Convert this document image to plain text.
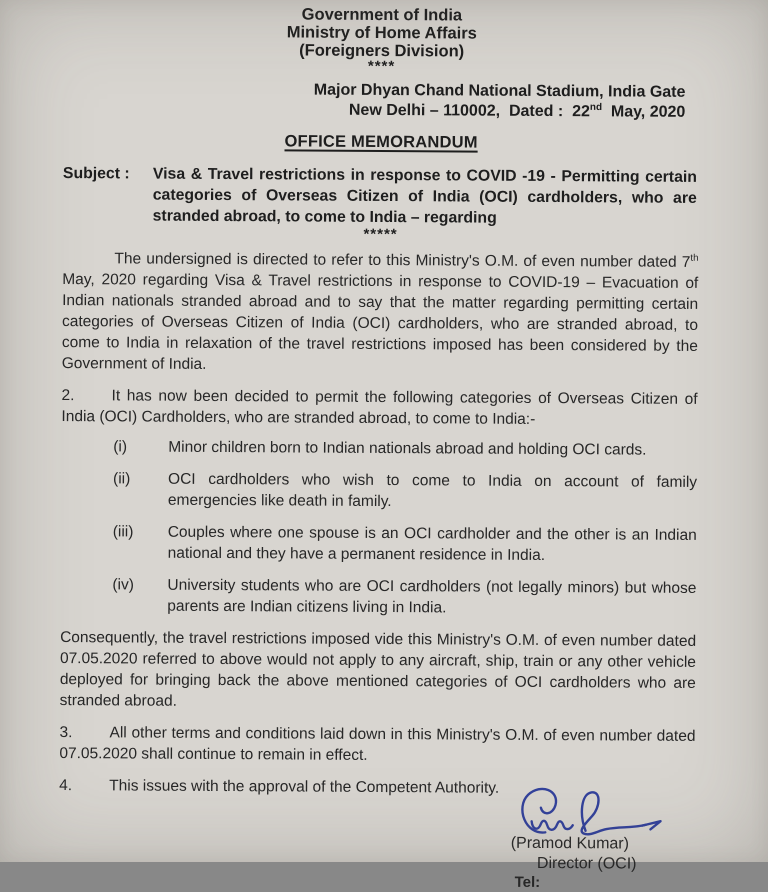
Government of India
Ministry of Home Affairs
(Foreigners Division)
****
Major Dhyan Chand National Stadium, India Gate
New Delhi – 110002,  Dated :  22nd  May, 2020
OFFICE MEMORANDUM
Subject :	Visa & Travel restrictions in response to COVID -19 - Permitting certain categories of Overseas Citizen of India (OCI) cardholders, who are stranded abroad, to come to India – regarding
*****
The undersigned is directed to refer to this Ministry's O.M. of even number dated 7th May, 2020 regarding Visa & Travel restrictions in response to COVID-19 – Evacuation of Indian nationals stranded abroad and to say that the matter regarding permitting certain categories of Overseas Citizen of India (OCI) cardholders, who are stranded abroad, to come to India in relaxation of the travel restrictions imposed has been considered by the Government of India.
2. It has now been decided to permit the following categories of Overseas Citizen of India (OCI) Cardholders, who are stranded abroad, to come to India:-
(i)	Minor children born to Indian nationals abroad and holding OCI cards.
(ii)	OCI cardholders who wish to come to India on account of family emergencies like death in family.
(iii)	Couples where one spouse is an OCI cardholder and the other is an Indian national and they have a permanent residence in India.
(iv)	University students who are OCI cardholders (not legally minors) but whose parents are Indian citizens living in India.
Consequently, the travel restrictions imposed vide this Ministry's O.M. of even number dated 07.05.2020 referred to above would not apply to any aircraft, ship, train or any other vehicle deployed for bringing back the above mentioned categories of OCI cardholders who are stranded abroad.
3. All other terms and conditions laid down in this Ministry's O.M. of even number dated 07.05.2020 shall continue to remain in effect.
4. This issues with the approval of the Competent Authority.
(Pramod Kumar)
Director (OCI)
Tel:
